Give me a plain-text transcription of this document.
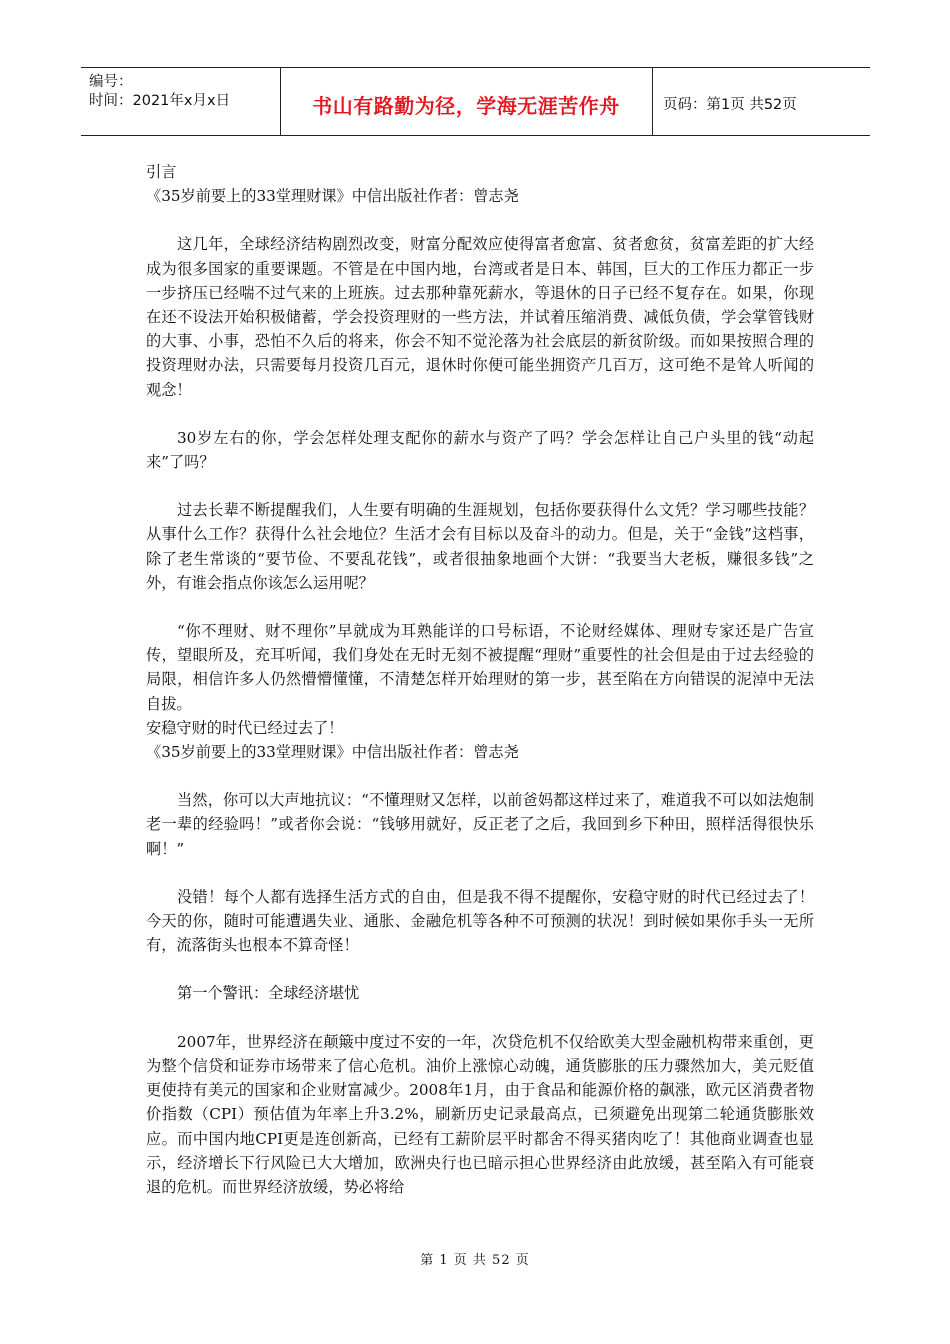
编号：
时间：2021年x月x日	书山有路勤为径，学海无涯苦作舟	页码：第1页 共52页
引言
《35岁前要上的33堂理财课》中信出版社作者：曾志尧
这几年，全球经济结构剧烈改变，财富分配效应使得富者愈富、贫者愈贫，贫富差距的扩大经成为很多国家的重要课题。不管是在中国内地，台湾或者是日本、韩国，巨大的工作压力都正一步一步挤压已经喘不过气来的上班族。过去那种靠死薪水，等退休的日子已经不复存在。如果，你现在还不设法开始积极储蓄，学会投资理财的一些方法，并试着压缩消费、减低负债，学会掌管钱财的大事、小事，恐怕不久后的将来，你会不知不觉沦落为社会底层的新贫阶级。而如果按照合理的投资理财办法，只需要每月投资几百元，退休时你便可能坐拥资产几百万，这可绝不是耸人听闻的观念！
30岁左右的你，学会怎样处理支配你的薪水与资产了吗？学会怎样让自己户头里的钱“动起来”了吗？
过去长辈不断提醒我们，人生要有明确的生涯规划，包括你要获得什么文凭？学习哪些技能？从事什么工作？获得什么社会地位？生活才会有目标以及奋斗的动力。但是，关于“金钱”这档事，除了老生常谈的“要节俭、不要乱花钱”，或者很抽象地画个大饼：“我要当大老板，赚很多钱”之外，有谁会指点你该怎么运用呢？
“你不理财、财不理你”早就成为耳熟能详的口号标语，不论财经媒体、理财专家还是广告宣传，望眼所及，充耳听闻，我们身处在无时无刻不被提醒“理财”重要性的社会但是由于过去经验的局限，相信许多人仍然懵懵懂懂，不清楚怎样开始理财的第一步，甚至陷在方向错误的泥淖中无法自拔。
安稳守财的时代已经过去了！
《35岁前要上的33堂理财课》中信出版社作者：曾志尧
当然，你可以大声地抗议：“不懂理财又怎样，以前爸妈都这样过来了，难道我不可以如法炮制老一辈的经验吗！”或者你会说：“钱够用就好，反正老了之后，我回到乡下种田，照样活得很快乐啊！”
没错！每个人都有选择生活方式的自由，但是我不得不提醒你，安稳守财的时代已经过去了！今天的你，随时可能遭遇失业、通胀、金融危机等各种不可预测的状况！到时候如果你手头一无所有，流落街头也根本不算奇怪！
第一个警讯：全球经济堪忧
2007年，世界经济在颠簸中度过不安的一年，次贷危机不仅给欧美大型金融机构带来重创，更为整个信贷和证券市场带来了信心危机。油价上涨惊心动魄，通货膨胀的压力骤然加大，美元贬值更使持有美元的国家和企业财富减少。2008年1月，由于食品和能源价格的飙涨，欧元区消费者物价指数（CPI）预估值为年率上升3.2%，刷新历史记录最高点，已须避免出现第二轮通货膨胀效应。而中国内地CPI更是连创新高，已经有工薪阶层平时都舍不得买猪肉吃了！其他商业调查也显示，经济增长下行风险已大大增加，欧洲央行也已暗示担心世界经济由此放缓，甚至陷入有可能衰退的危机。而世界经济放缓，势必将给
第 1 页 共 52 页
